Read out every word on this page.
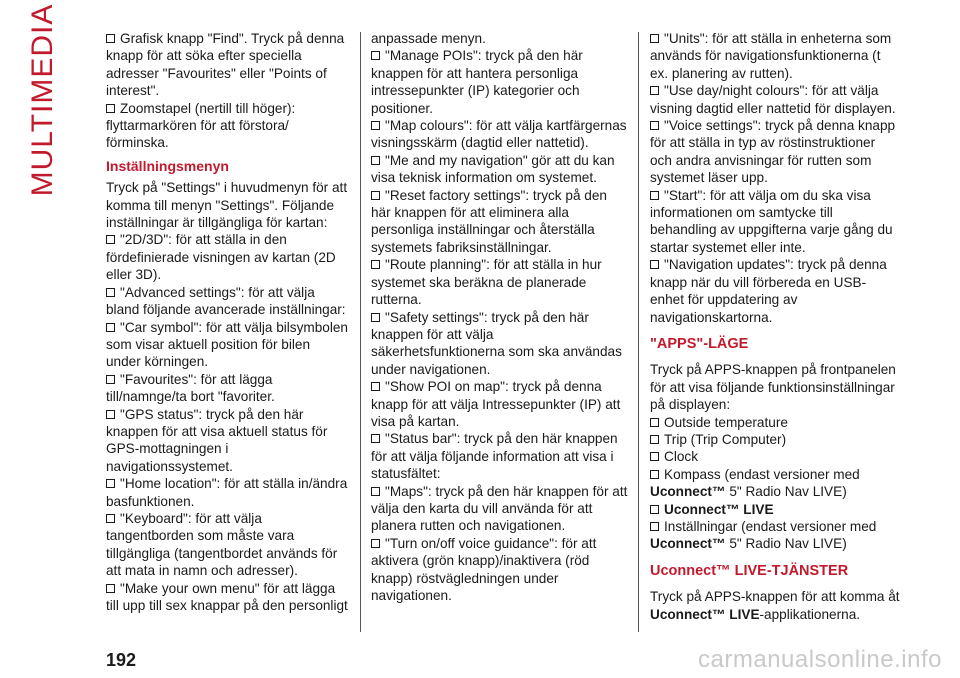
MULTIMEDIA	Grafisk knapp "Find". Tryck på denna knapp för att söka efter speciella adresser "Favourites" eller "Points of interest".

Zoomstapel (nertill till höger): flyttarmarkören för att förstora/ förminska.

Inställningsmenyn

Tryck på "Settings" i huvudmenyn för att komma till menyn "Settings". Följande inställningar är tillgängliga för kartan:

"2D/3D": för att ställa in den fördefinierade visningen av kartan (2D eller 3D).

"Advanced settings": för att välja bland följande avancerade inställningar:

"Car symbol": för att välja bilsymbolen som visar aktuell position för bilen under körningen.

"Favourites": för att lägga till/namnge/ta bort "favoriter.

"GPS status": tryck på den här knappen för att visa aktuell status för GPS-mottagningen i navigationssystemet.

"Home location": för att ställa in/ändra basfunktionen.

"Keyboard": för att välja tangentborden som måste vara tillgängliga (tangentbordet används för att mata in namn och adresser).

"Make your own menu" för att lägga till upp till sex knappar på den personligt

anpassade menyn.

"Manage POIs": tryck på den här knappen för att hantera personliga intressepunkter (IP) kategorier och positioner.

"Map colours": för att välja kartfärgernas visningsskärm (dagtid eller nattetid).

"Me and my navigation" gör att du kan visa teknisk information om systemet.

"Reset factory settings": tryck på den här knappen för att eliminera alla personliga inställningar och återställa systemets fabriksinställningar.

"Route planning": för att ställa in hur systemet ska beräkna de planerade rutterna.

"Safety settings": tryck på den här knappen för att välja säkerhetsfunktionerna som ska användas under navigationen.

"Show POI on map": tryck på denna knapp för att välja Intressepunkter (IP) att visa på kartan.

"Status bar": tryck på den här knappen för att välja följande information att visa i statusfältet:

"Maps": tryck på den här knappen för att välja den karta du vill använda för att planera rutten och navigationen.

"Turn on/off voice guidance": för att aktivera (grön knapp)/inaktivera (röd knapp) röstvägledningen under navigationen.

"Units": för att ställa in enheterna som används för navigationsfunktionerna (t ex. planering av rutten).

"Use day/night colours": för att välja visning dagtid eller nattetid för displayen.

"Voice settings": tryck på denna knapp för att ställa in typ av röstinstruktioner och andra anvisningar för rutten som systemet läser upp.

"Start": för att välja om du ska visa informationen om samtycke till behandling av uppgifterna varje gång du startar systemet eller inte.

"Navigation updates": tryck på denna knapp när du vill förbereda en USB-enhet för uppdatering av navigationskartorna.

"APPS"-LÄGE

Tryck på APPS-knappen på frontpanelen för att visa följande funktionsinställningar på displayen:

Outside temperature

Trip (Trip Computer)

Clock

Kompass (endast versioner med Uconnect™ 5" Radio Nav LIVE)

Uconnect™ LIVE

Inställningar (endast versioner med Uconnect™ 5" Radio Nav LIVE)

Uconnect™ LIVE-TJÄNSTER

Tryck på APPS-knappen för att komma åt Uconnect™ LIVE-applikationerna.

192	carmanualsonline.info
